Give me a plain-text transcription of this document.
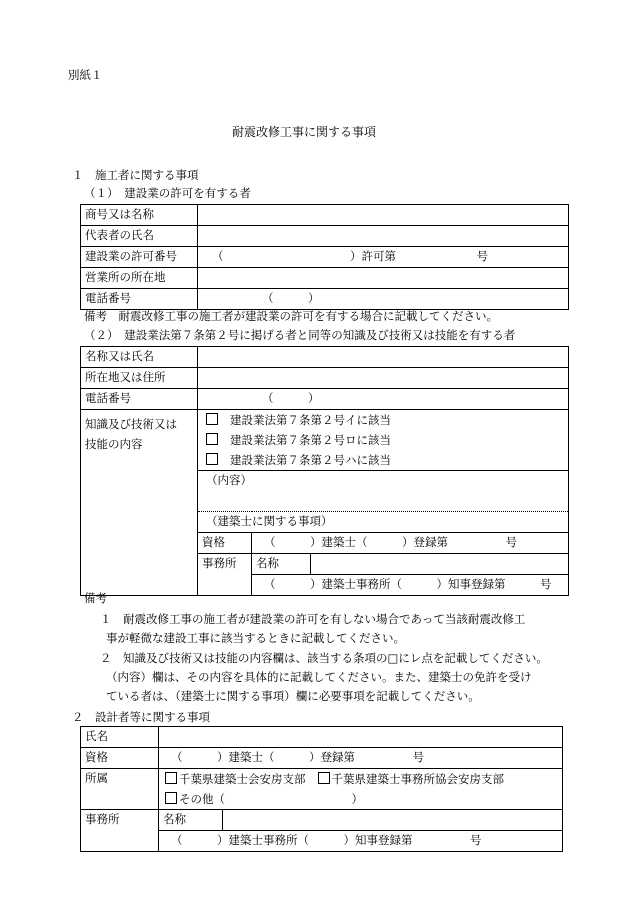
別紙１
耐震改修工事に関する事項
１　施工者に関する事項
（１）　建設業の許可を有する者
商号又は名称	
代表者の氏名	
建設業の許可番号	（　　　　　　　　　　　）許可第　　　　　　　号
営業所の所在地	
電話番号	（　　　）
備考　耐震改修工事の施工者が建設業の許可を有する場合に記載してください。
（２）　建設業法第７条第２号に掲げる者と同等の知識及び技術又は技能を有する者
名称又は氏名			
所在地又は住所			
電話番号	（　　　）		

知識及び技術又は
技能の内容	建設業法第７条第２号イに該当		
	建設業法第７条第２号ロに該当		
	建設業法第７条第２号ハに該当		
	（内容）		

	（建築士に関する事項）		
	資格	（　　　）建築士（　　　）登録第　　　　　号	
	事務所	名称	
		（　　　）建築士事務所（　　　）知事登録第　　　号	
備考
１　耐震改修工事の施工者が建設業の許可を有しない場合であって当該耐震改修工
事が軽微な建設工事に該当するときに記載してください。
２　知識及び技術又は技能の内容欄は、該当する条項の□にレ点を記載してください。
（内容）欄は、その内容を具体的に記載してください。また、建築士の免許を受け
ている者は、（建築士に関する事項）欄に必要事項を記載してください。
２　設計者等に関する事項
氏名		
資格	（　　　）建築士（　　　）登録第　　　　　号	
所属	千葉県建築士会安房支部 千葉県建築士事務所協会安房支部	
	その他（　　　　　　　　　　　）	
事務所	名称	
	（　　　）建築士事務所（　　　）知事登録第　　　　　号	
